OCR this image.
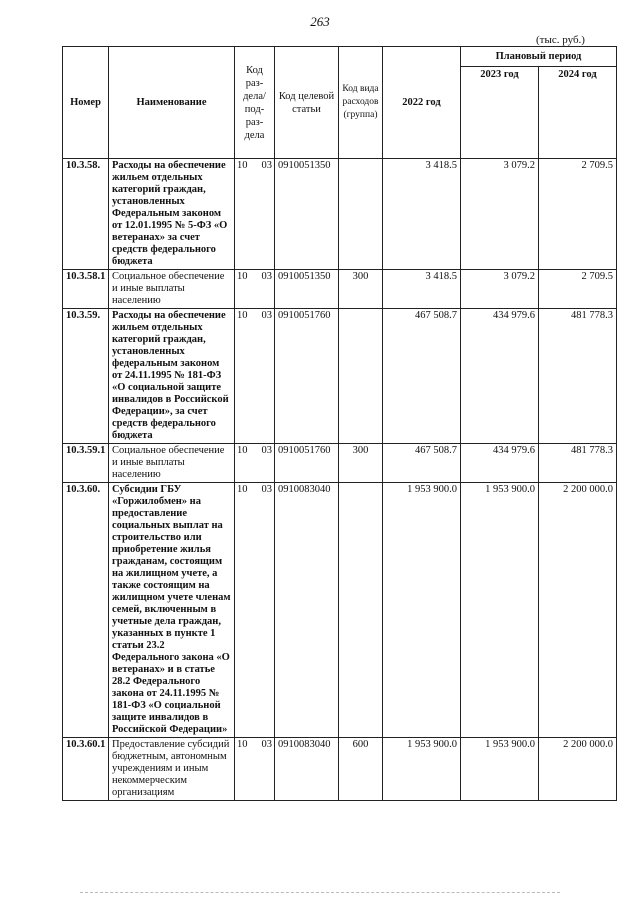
263
(тыс. руб.)
Номер	Наименование	Код раз-дела/ под-раз-дела	Код целевой статьи	Код вида расходов (группа)	2022 год	Плановый период	
						2023 год	2024 год
10.3.58.	Расходы на обеспечение жильем отдельных категорий граждан, установленных Федеральным законом от 12.01.1995 № 5-ФЗ «О ветеранах» за счет средств федерального бюджета	10 03	0910051350		3 418.5	3 079.2	2 709.5
10.3.58.1	Социальное обеспечение и иные выплаты населению	10 03	0910051350	300	3 418.5	3 079.2	2 709.5
10.3.59.	Расходы на обеспечение жильем отдельных категорий граждан, установленных федеральным законом от 24.11.1995 № 181-ФЗ «О социальной защите инвалидов в Российской Федерации», за счет средств федерального бюджета	10 03	0910051760		467 508.7	434 979.6	481 778.3
10.3.59.1	Социальное обеспечение и иные выплаты населению	10 03	0910051760	300	467 508.7	434 979.6	481 778.3
10.3.60.	Субсидии ГБУ «Горжилобмен» на предоставление социальных выплат на строительство или приобретение жилья гражданам, состоящим на жилищном учете, а также состоящим на жилищном учете членам семей, включенным в учетные дела граждан, указанных в пункте 1 статьи 23.2 Федерального закона «О ветеранах» и в статье 28.2 Федерального закона от 24.11.1995 № 181-ФЗ «О социальной защите инвалидов в Российской Федерации»	10 03	0910083040		1 953 900.0	1 953 900.0	2 200 000.0
10.3.60.1	Предоставление субсидий бюджетным, автономным учреждениям и иным некоммерческим организациям	10 03	0910083040	600	1 953 900.0	1 953 900.0	2 200 000.0
